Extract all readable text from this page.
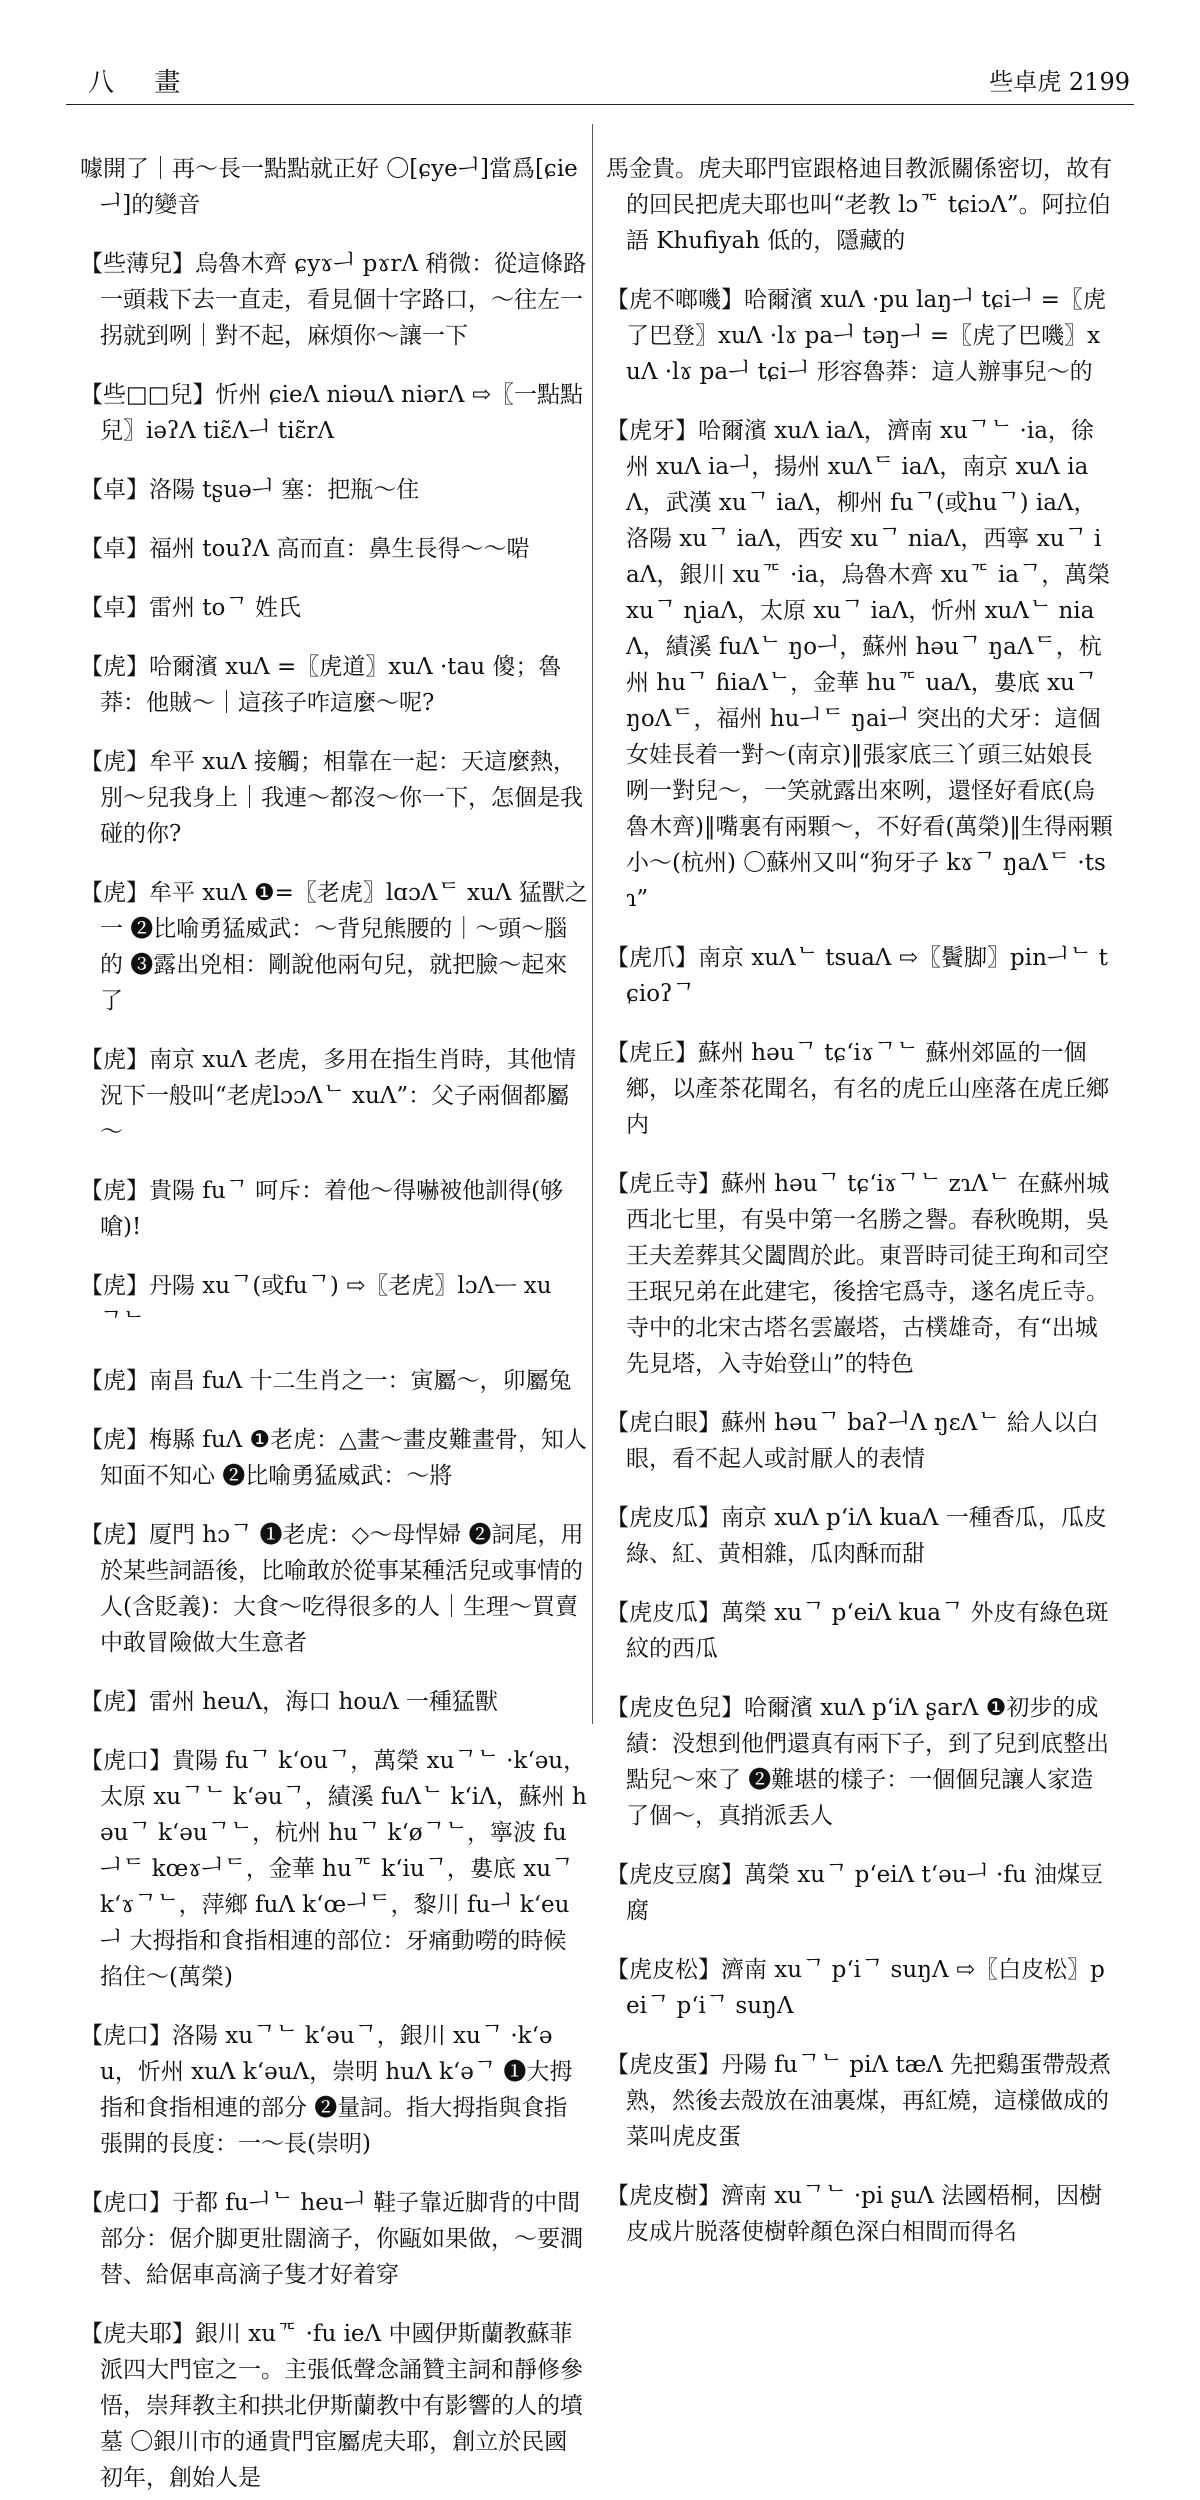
八 畫	些卓虎 2199

噱開了｜再～長一點點就正好 〇[ɕyeᅴ]當爲[ɕieᅴ]的變音

【些薄兒】烏魯木齊 ɕyɤᅴ pɤrɅ 稍微：從這條路一頭栽下去一直走，看見個十字路口，～往左一拐就到咧｜對不起，麻煩你～讓一下

【些□□兒】忻州 ɕieɅ niəuɅ niərɅ ⇨〖一點點兒〗iəʔɅ tiɛ̃Ʌᅴ tiɛ̃rɅ

【卓】洛陽 tʂuəᅴ 塞：把瓶～住

【卓】福州 touʔɅ 高而直：鼻生長得～～啱

【卓】雷州 toᄀ 姓氏

【虎】哈爾濱 xuɅ =〖虎道〗xuɅ ·tau 傻；魯莽：他賊～｜這孩子咋這麼～呢?

【虎】牟平 xuɅ 接觸；相靠在一起：天這麼熱，別～兒我身上｜我連～都沒～你一下，怎個是我碰的你?

【虎】牟平 xuɅ ❶=〖老虎〗lɑɔɅᄃ xuɅ 猛獸之一 ❷比喻勇猛威武：～背兒熊腰的｜～頭～腦的 ❸露出兇相：剛說他兩句兒，就把臉～起來了

【虎】南京 xuɅ 老虎，多用在指生肖時，其他情況下一般叫“老虎lɔɔɅᄂ xuɅ”：父子兩個都屬～

【虎】貴陽 fuᄀ 呵斥：着他～得嚇被他訓得(够嗆)!

【虎】丹陽 xuᄀ(或fuᄀ) ⇨〖老虎〗lɔɅᅳ xuᄀᄂ

【虎】南昌 fuɅ 十二生肖之一：寅屬～，卯屬兔

【虎】梅縣 fuɅ ❶老虎：△畫～畫皮難畫骨，知人知面不知心 ❷比喻勇猛威武：～將

【虎】厦門 hɔᄀ ❶老虎：◇～母悍婦 ❷詞尾，用於某些詞語後，比喻敢於從事某種活兒或事情的人(含貶義)：大食～吃得很多的人｜生理～買賣中敢冒險做大生意者

【虎】雷州 heuɅ，海口 houɅ 一種猛獸

【虎口】貴陽 fuᄀ kʻouᄀ，萬榮 xuᄀᄂ ·kʻəu，太原 xuᄀᄂ kʻəuᄀ，績溪 fuɅᄂ kʻiɅ，蘇州 həuᄀ kʻəuᄀᄂ，杭州 huᄀ kʻøᄀᄂ，寧波 fuᅴᄃ kœɤᅴᄃ，金華 huᄀᄃ kʻiuᄀ，婁底 xuᄀ kʻɤᄀᄂ，萍鄉 fuɅ kʻœᅴᄃ，黎川 fuᅴ kʻeuᅴ 大拇指和食指相連的部位：牙痛動嘮的時候掐住～(萬榮)

【虎口】洛陽 xuᄀᄂ kʻəuᄀ，銀川 xuᄀ ·kʻəu，忻州 xuɅ kʻəuɅ，崇明 huɅ kʻəᄀ ❶大拇指和食指相連的部分 ❷量詞。指大拇指與食指張開的長度：一～長(崇明)

【虎口】于都 fuᅴᄂ heuᅴ 鞋子靠近脚背的中間部分：倨介脚更壯闊滴子，你甌如果做，～要澗替、給倨車高滴子隻才好着穿

【虎夫耶】銀川 xuᄀᄃ ·fu ieɅ 中國伊斯蘭教蘇菲派四大門宦之一。主張低聲念誦贊主詞和靜修參悟，崇拜教主和拱北伊斯蘭教中有影響的人的墳墓 〇銀川市的通貴門宦屬虎夫耶，創立於民國初年，創始人是

馬金貴。虎夫耶門宦跟格迪目教派關係密切，故有的回民把虎夫耶也叫“老教 lɔᄀᄃ tɕiɔɅ”。阿拉伯語 Khufiyah 低的，隱藏的

【虎不啷嘰】哈爾濱 xuɅ ·pu laŋᅴ tɕiᅴ =〖虎了巴登〗xuɅ ·lɤ paᅴ təŋᅴ =〖虎了巴嘰〗xuɅ ·lɤ paᅴ tɕiᅴ 形容魯莽：這人辦事兒～的

【虎牙】哈爾濱 xuɅ iaɅ，濟南 xuᄀᄂ ·ia，徐州 xuɅ iaᅴ，揚州 xuɅᄃ iaɅ，南京 xuɅ iaɅ，武漢 xuᄀ iaɅ，柳州 fuᄀ(或huᄀ) iaɅ，洛陽 xuᄀ iaɅ，西安 xuᄀ niaɅ，西寧 xuᄀ iaɅ，銀川 xuᄀᄃ ·ia，烏魯木齊 xuᄀᄃ iaᄀ，萬榮 xuᄀ ɳiaɅ，太原 xuᄀ iaɅ，忻州 xuɅᄂ niaɅ，績溪 fuɅᄂ ŋoᅴ，蘇州 həuᄀ ŋaɅᄃ，杭州 huᄀ ɦiaɅᄂ，金華 huᄀᄃ uaɅ，婁底 xuᄀ ŋoɅᄃ，福州 huᅴᄃ ŋaiᅴ 突出的犬牙：這個女娃長着一對～(南京)‖張家底三丫頭三姑娘長咧一對兒～，一笑就露出來咧，還怪好看底(烏魯木齊)‖嘴裏有兩顆～，不好看(萬榮)‖生得兩顆小～(杭州) 〇蘇州又叫“狗牙子 kɤᄀ ŋaɅᄃ ·tsɿ”

【虎爪】南京 xuɅᄂ tsuaɅ ⇨〖鬢脚〗pinᅴᄂ tɕioʔᄀ

【虎丘】蘇州 həuᄀ tɕʻiɤᄀᄂ 蘇州郊區的一個鄉，以產茶花聞名，有名的虎丘山座落在虎丘鄉内

【虎丘寺】蘇州 həuᄀ tɕʻiɤᄀᄂ zɿɅᄂ 在蘇州城西北七里，有吳中第一名勝之譽。春秋晚期，吳王夫差葬其父闔閭於此。東晋時司徒王珣和司空王珉兄弟在此建宅，後捨宅爲寺，遂名虎丘寺。寺中的北宋古塔名雲巖塔，古樸雄奇，有“出城先見塔，入寺始登山”的特色

【虎白眼】蘇州 həuᄀ baʔᅴɅ ŋɛɅᄂ 給人以白眼，看不起人或討厭人的表情

【虎皮瓜】南京 xuɅ pʻiɅ kuaɅ 一種香瓜，瓜皮綠、紅、黄相雜，瓜肉酥而甜

【虎皮瓜】萬榮 xuᄀ pʻeiɅ kuaᄀ 外皮有綠色斑紋的西瓜

【虎皮色兒】哈爾濱 xuɅ pʻiɅ ʂarɅ ❶初步的成績：没想到他們還真有兩下子，到了兒到底整出點兒～來了 ❷難堪的樣子：一個個兒讓人家造了個～，真捎派丢人

【虎皮豆腐】萬榮 xuᄀ pʻeiɅ tʻəuᅴ ·fu 油煤豆腐

【虎皮松】濟南 xuᄀ pʻiᄀ suŋɅ ⇨〖白皮松〗peiᄀ pʻiᄀ suŋɅ

【虎皮蛋】丹陽 fuᄀᄂ piɅ tæɅ 先把鷄蛋帶殻煮熟，然後去殻放在油裏煤，再紅燒，這樣做成的菜叫虎皮蛋

【虎皮樹】濟南 xuᄀᄂ ·pi ʂuɅ 法國梧桐，因樹皮成片脱落使樹幹顏色深白相間而得名
